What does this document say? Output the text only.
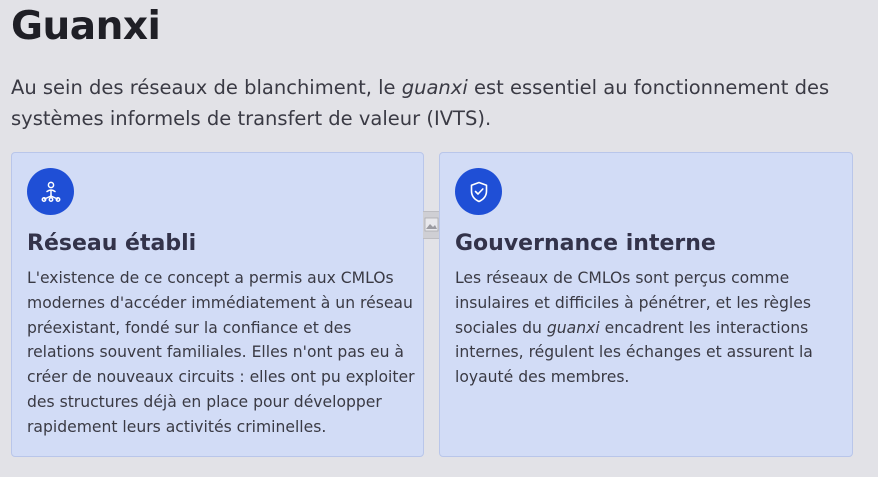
Guanxi

Au sein des réseaux de blanchiment, le guanxi est essentiel au fonctionnement des systèmes informels de transfert de valeur (IVTS).

Réseau établi

L'existence de ce concept a permis aux CMLOs modernes d'accéder immédiatement à un réseau préexistant, fondé sur la confiance et des relations souvent familiales. Elles n'ont pas eu à créer de nouveaux circuits : elles ont pu exploiter des structures déjà en place pour développer rapidement leurs activités criminelles.

Gouvernance interne

Les réseaux de CMLOs sont perçus comme insulaires et difficiles à pénétrer, et les règles sociales du guanxi encadrent les interactions internes, régulent les échanges et assurent la loyauté des membres.
